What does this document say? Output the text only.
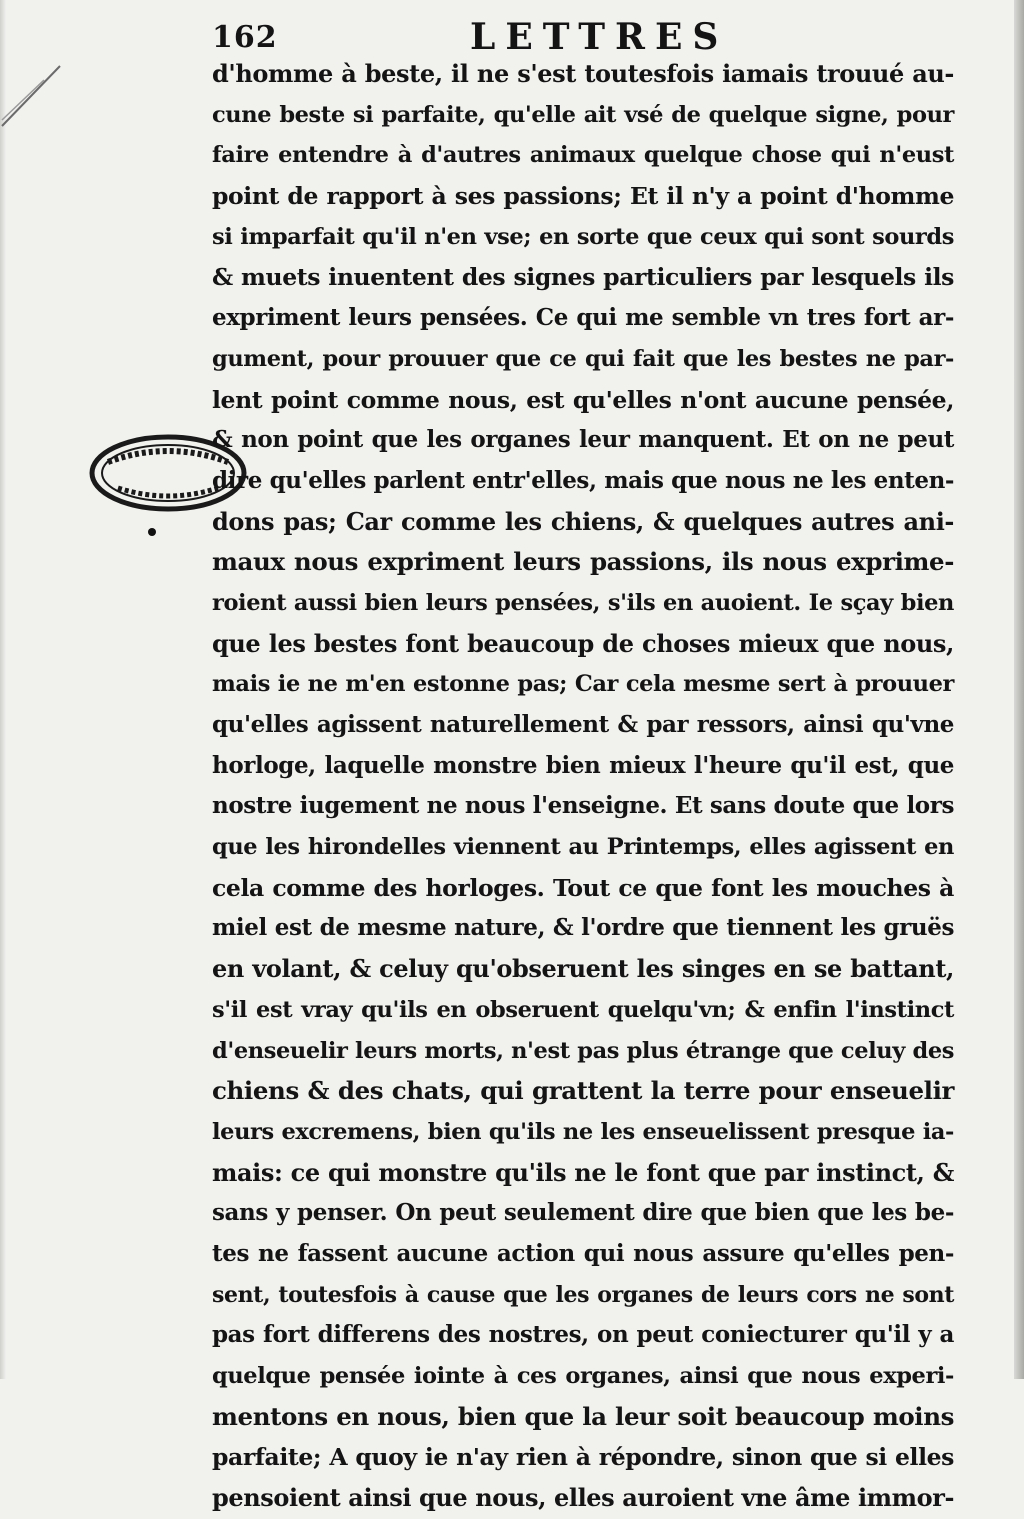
162	LETTRES
d'homme à beste, il ne s'est toutesfois iamais trouué au-
cune beste si parfaite, qu'elle ait vsé de quelque signe, pour
faire entendre à d'autres animaux quelque chose qui n'eust
point de rapport à ses passions; Et il n'y a point d'homme
si imparfait qu'il n'en vse; en sorte que ceux qui sont sourds
& muets inuentent des signes particuliers par lesquels ils
expriment leurs pensées. Ce qui me semble vn tres fort ar-
gument, pour prouuer que ce qui fait que les bestes ne par-
lent point comme nous, est qu'elles n'ont aucune pensée,
& non point que les organes leur manquent. Et on ne peut
dire qu'elles parlent entr'elles, mais que nous ne les enten-
dons pas; Car comme les chiens, & quelques autres ani-
maux nous expriment leurs passions, ils nous exprime-
roient aussi bien leurs pensées, s'ils en auoient. Ie sçay bien
que les bestes font beaucoup de choses mieux que nous,
mais ie ne m'en estonne pas; Car cela mesme sert à prouuer
qu'elles agissent naturellement & par ressors, ainsi qu'vne
horloge, laquelle monstre bien mieux l'heure qu'il est, que
nostre iugement ne nous l'enseigne. Et sans doute que lors
que les hirondelles viennent au Printemps, elles agissent en
cela comme des horloges. Tout ce que font les mouches à
miel est de mesme nature, & l'ordre que tiennent les gruës
en volant, & celuy qu'obseruent les singes en se battant,
s'il est vray qu'ils en obseruent quelqu'vn; & enfin l'instinct
d'enseuelir leurs morts, n'est pas plus étrange que celuy des
chiens & des chats, qui grattent la terre pour enseuelir
leurs excremens, bien qu'ils ne les enseuelissent presque ia-
mais: ce qui monstre qu'ils ne le font que par instinct, &
sans y penser. On peut seulement dire que bien que les be-
tes ne fassent aucune action qui nous assure qu'elles pen-
sent, toutesfois à cause que les organes de leurs cors ne sont
pas fort differens des nostres, on peut coniecturer qu'il y a
quelque pensée iointe à ces organes, ainsi que nous experi-
mentons en nous, bien que la leur soit beaucoup moins
parfaite; A quoy ie n'ay rien à répondre, sinon que si elles
pensoient ainsi que nous, elles auroient vne âme immor-
